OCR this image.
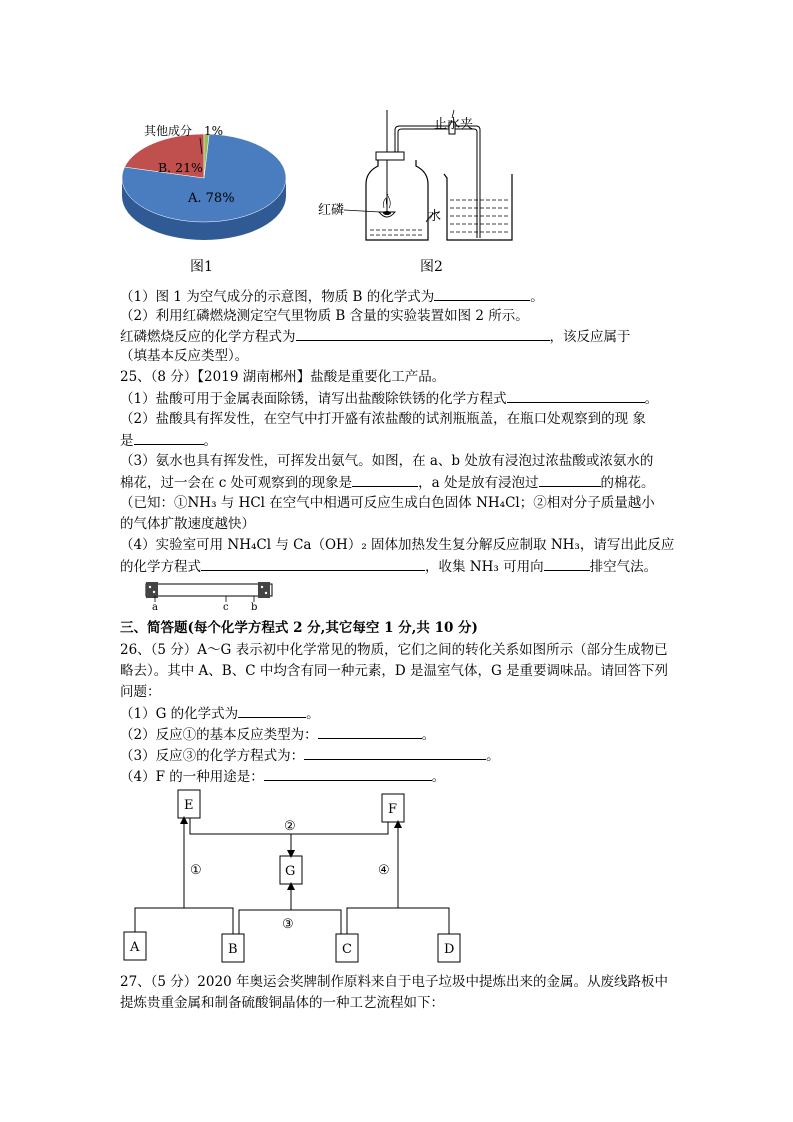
其他成分 1%
B. 21%
A. 78%
图1
止水夹
红磷	水
图2
（1）图 1 为空气成分的示意图，物质 B 的化学式为	。
（2）利用红磷燃烧测定空气里物质 B 含量的实验装置如图 2 所示。
红磷燃烧反应的化学方程式为	，该反应属于
（填基本反应类型）。
25、（8 分）【2019 湖南郴州】盐酸是重要化工产品。
（1）盐酸可用于金属表面除锈，请写出盐酸除铁锈的化学方程式	。
（2）盐酸具有挥发性，在空气中打开盛有浓盐酸的试剂瓶瓶盖，在瓶口处观察到的现 象
是	。
（3）氨水也具有挥发性，可挥发出氨气。如图，在 a、b 处放有浸泡过浓盐酸或浓氨水的
棉花，过一会在 c 处可观察到的现象是	，a 处是放有浸泡过	的棉花。
（已知：①NH₃ 与 HCl 在空气中相遇可反应生成白色固体 NH₄Cl；②相对分子质量越小
的气体扩散速度越快）
（4）实验室可用 NH₄Cl 与 Ca（OH）₂ 固体加热发生复分解反应制取 NH₃，请写出此反应
的化学方程式	，收集 NH₃ 可用向	排空气法。
a	c b
三、简答题(每个化学方程式 2 分,其它每空 1 分,共 10 分)
26、（5 分）A～G 表示初中化学常见的物质，它们之间的转化关系如图所示（部分生成物已
略去）。其中 A、B、C 中均含有同一种元素，D 是温室气体，G 是重要调味品。请回答下列
问题：
（1）G 的化学式为	。
（2）反应①的基本反应类型为：	。
（3）反应③的化学方程式为：	。
（4）F 的一种用途是：	。
E	F
G
A	B	C	D
①
②
③
④
27、（5 分）2020 年奥运会奖牌制作原料来自于电子垃圾中提炼出来的金属。从废线路板中
提炼贵重金属和制备硫酸铜晶体的一种工艺流程如下：
